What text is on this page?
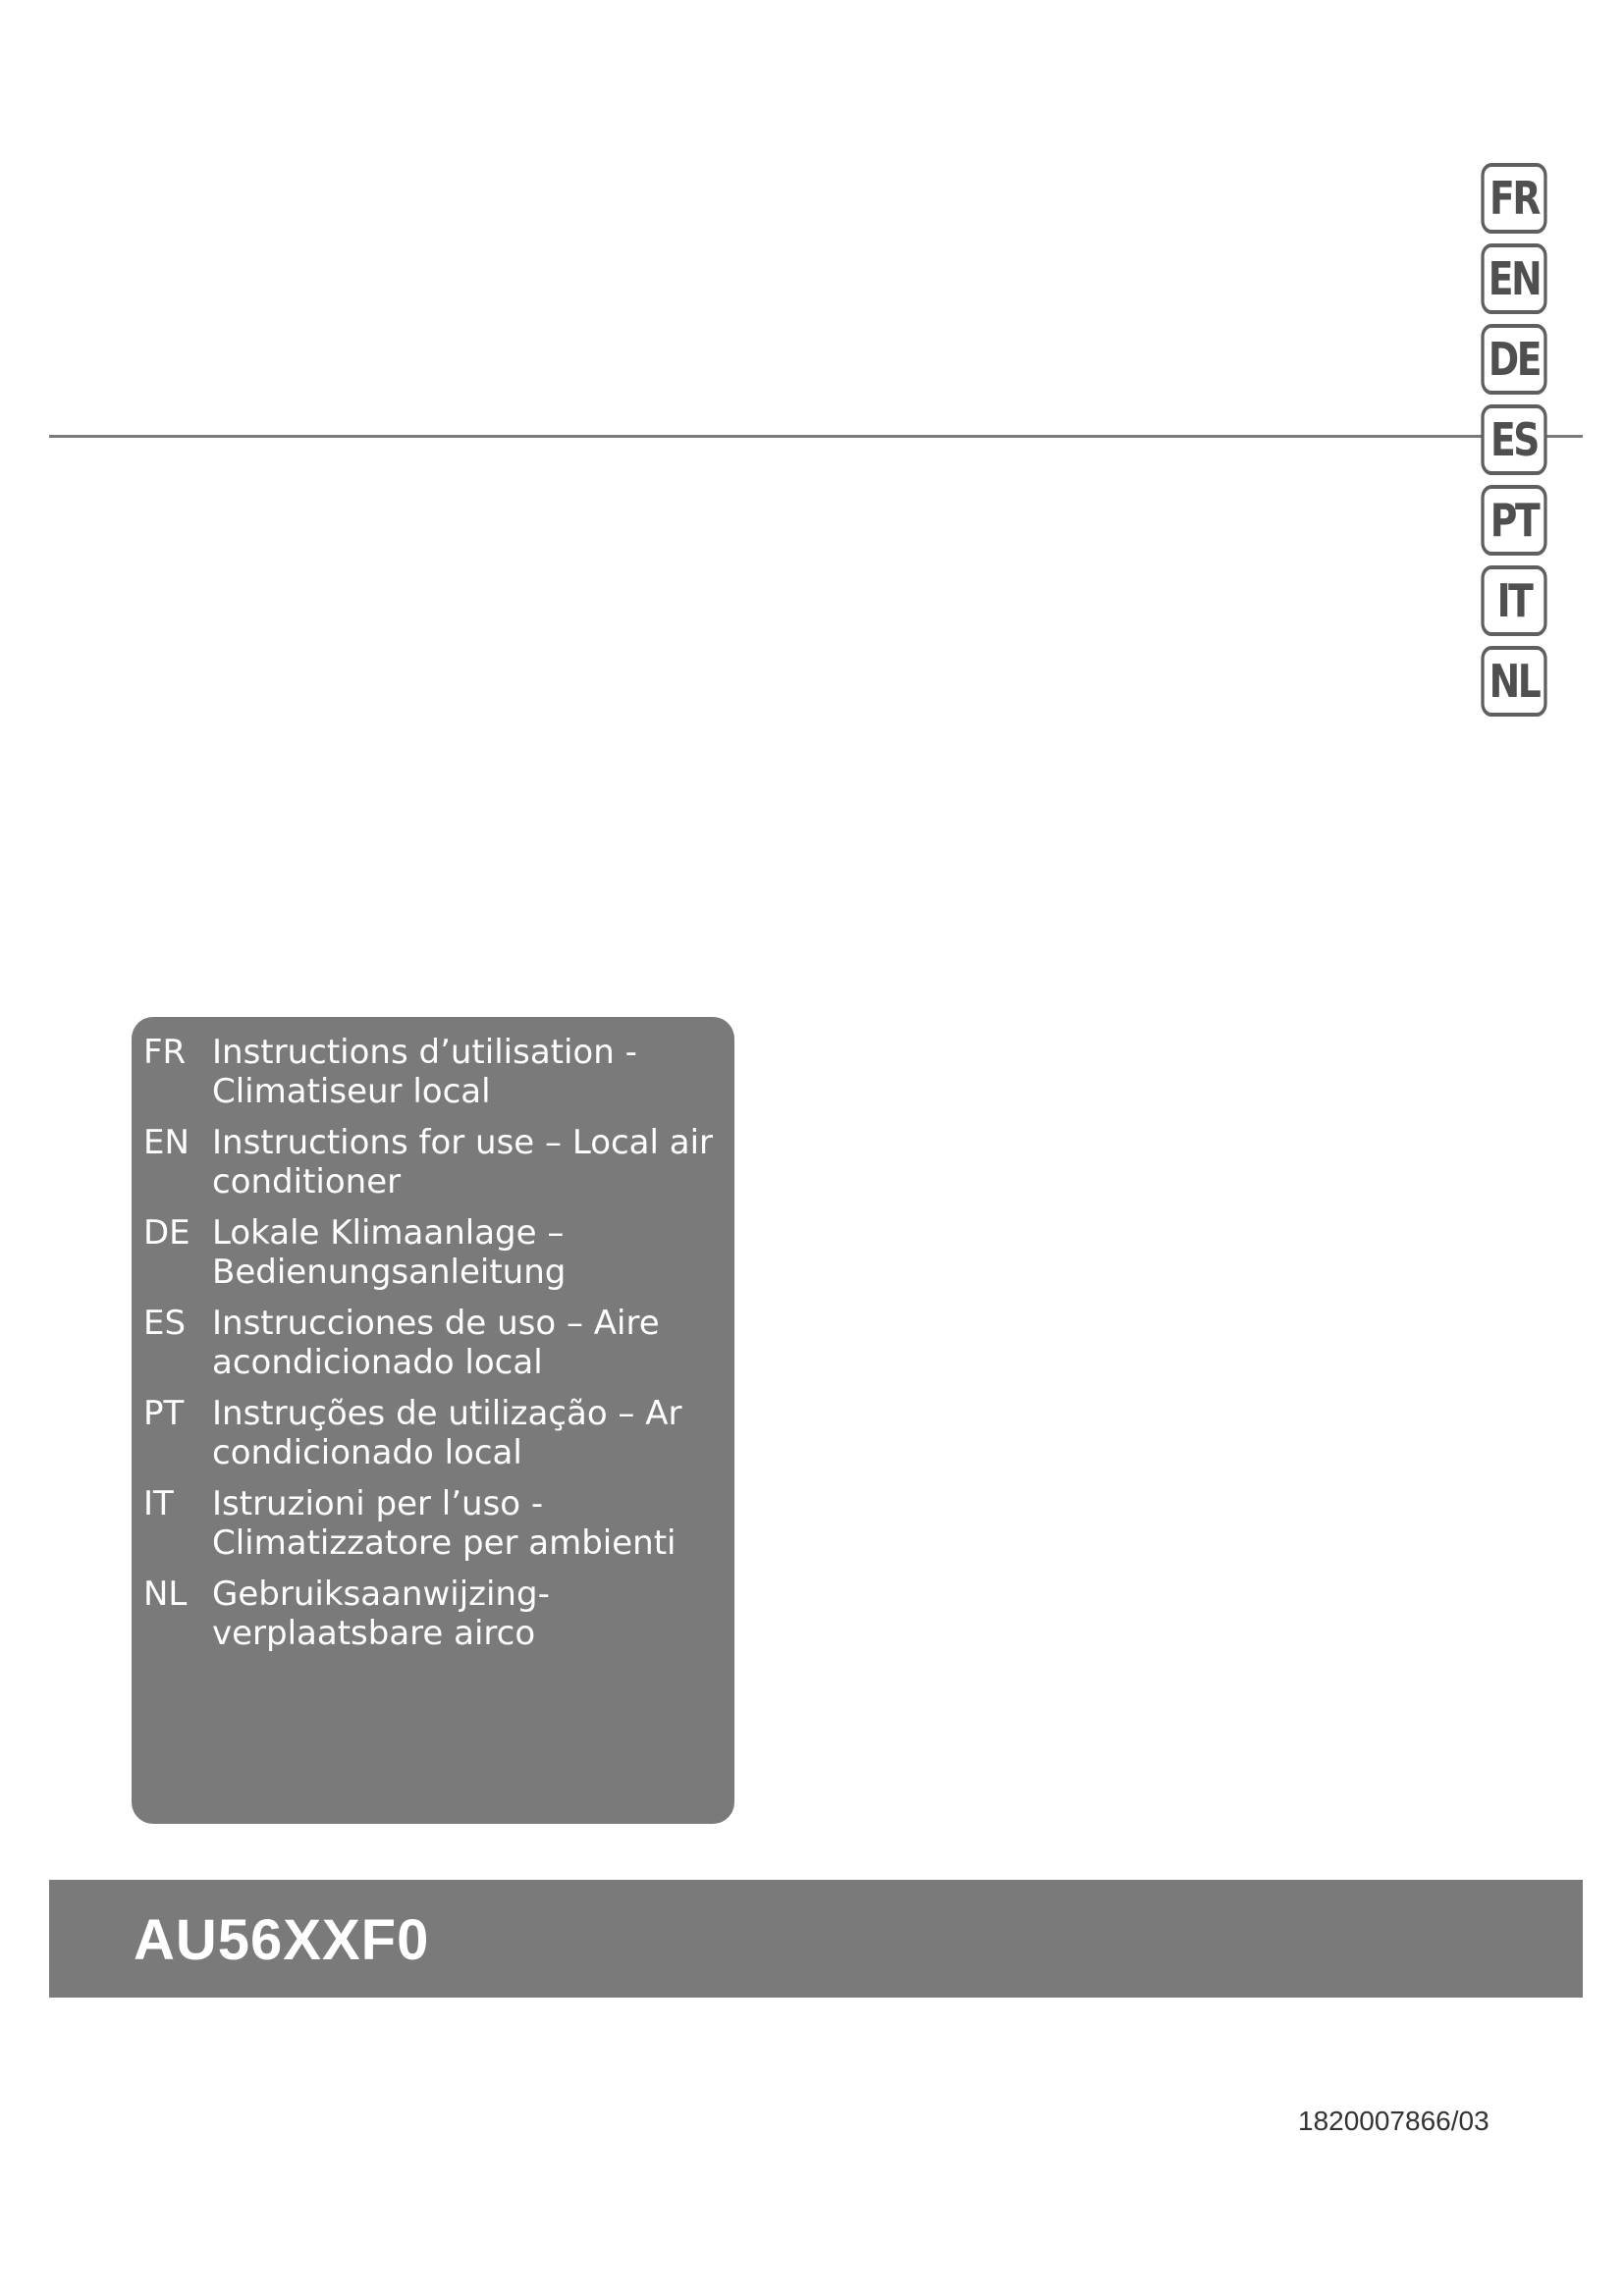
FR
EN
DE
ES
PT
IT
NL
FR Instructions d’utilisation - Climatiseur local
EN Instructions for use – Local air conditioner
DE Lokale Klimaanlage – Bedienungsanleitung
ES Instrucciones de uso – Aire acondicionado local
PT Instruções de utilização – Ar condicionado local
IT	Istruzioni per l’uso - Climatizzatore per ambienti
NL Gebruiksaanwijzing- verplaatsbare airco
AU56XXF0
1820007866/03
